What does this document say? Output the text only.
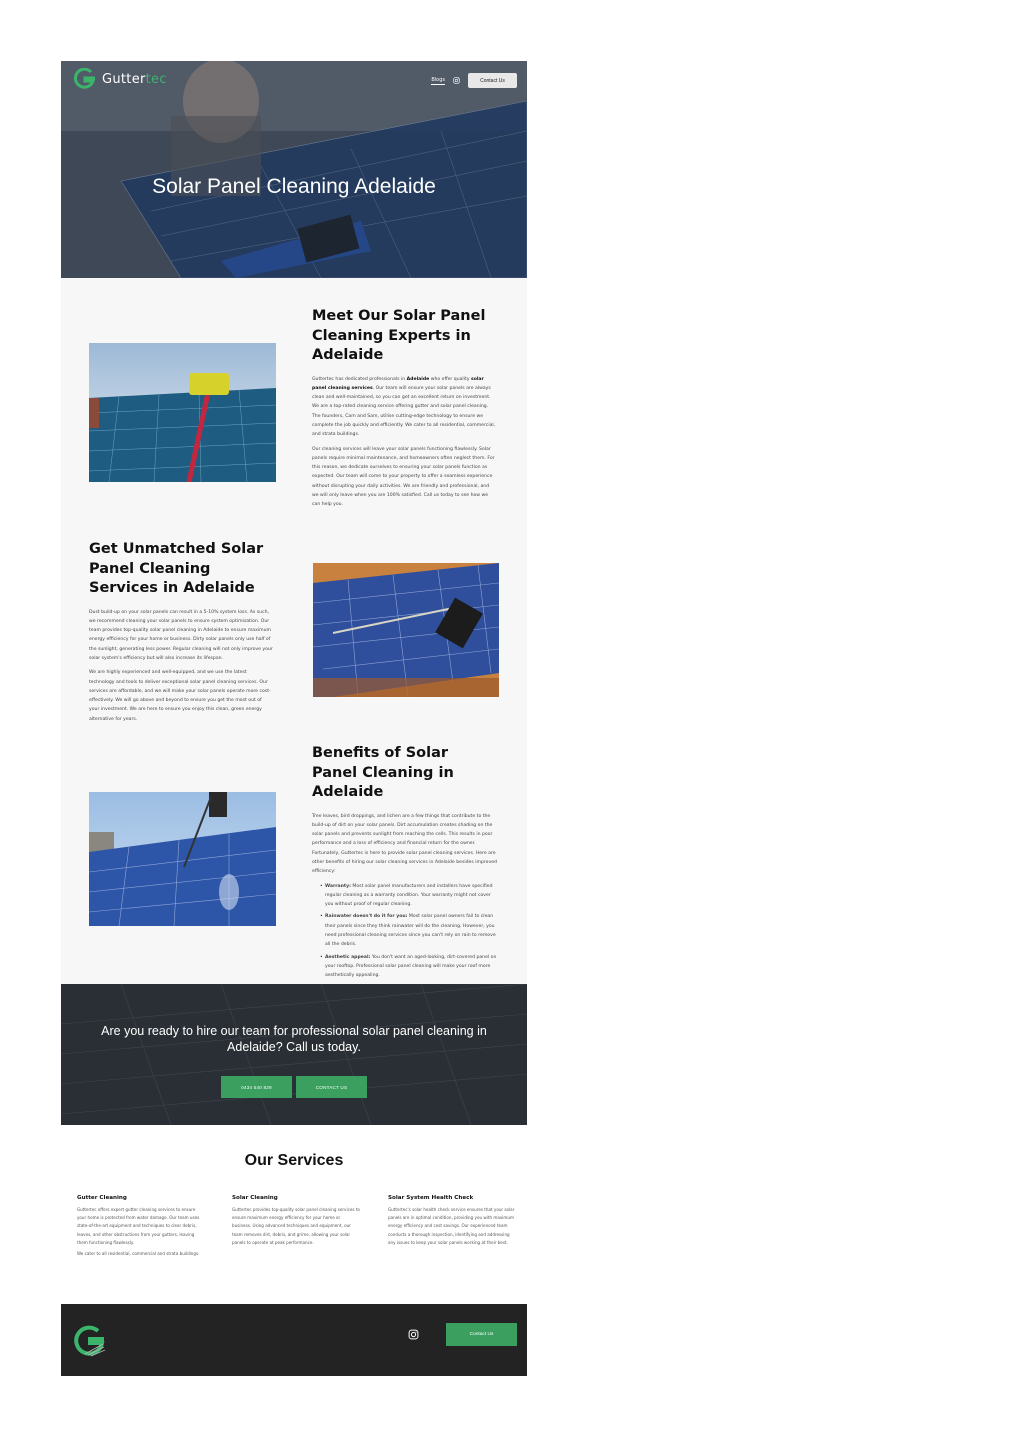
Guttertec	Blogs	Contact Us
Solar Panel Cleaning Adelaide
Meet Our Solar Panel Cleaning Experts in Adelaide

Guttertec has dedicated professionals in Adelaide who offer quality solar panel cleaning services. Our team will ensure your solar panels are always clean and well-maintained, so you can get an excellent return on investment. We are a top-rated cleaning service offering gutter and solar panel cleaning. The founders, Cam and Sam, utilise cutting-edge technology to ensure we complete the job quickly and efficiently. We cater to all residential, commercial, and strata buildings.

Our cleaning services will leave your solar panels functioning flawlessly. Solar panels require minimal maintenance, and homeowners often neglect them. For this reason, we dedicate ourselves to ensuring your solar panels function as expected. Our team will come to your property to offer a seamless experience without disrupting your daily activities. We are friendly and professional, and we will only leave when you are 100% satisfied. Call us today to see how we can help you.

Get Unmatched Solar Panel Cleaning Services in Adelaide

Dust build-up on your solar panels can result in a 5-10% system loss. As such, we recommend cleaning your solar panels to ensure system optimisation. Our team provides top-quality solar panel cleaning in Adelaide to ensure maximum energy efficiency for your home or business. Dirty solar panels only use half of the sunlight, generating less power. Regular cleaning will not only improve your solar system's efficiency but will also increase its lifespan.

We are highly experienced and well-equipped, and we use the latest technology and tools to deliver exceptional solar panel cleaning services. Our services are affordable, and we will make your solar panels operate more cost-effectively. We will go above and beyond to ensure you get the most out of your investment. We are here to ensure you enjoy this clean, green energy alternative for years.

Benefits of Solar Panel Cleaning in Adelaide

Tree leaves, bird droppings, and lichen are a few things that contribute to the build-up of dirt on your solar panels. Dirt accumulation creates shading on the solar panels and prevents sunlight from reaching the cells. This results in poor performance and a loss of efficiency and financial return for the owner. Fortunately, Guttertec is here to provide solar panel cleaning services. Here are other benefits of hiring our solar cleaning services in Adelaide besides improved efficiency:

• Warranty: Most solar panel manufacturers and installers have specified regular cleaning as a warranty condition. Your warranty might not cover you without proof of regular cleaning.
• Rainwater doesn't do it for you: Most solar panel owners fail to clean their panels since they think rainwater will do the cleaning. However, you need professional cleaning services since you can't rely on rain to remove all the debris.
• Aesthetic appeal: You don't want an aged-looking, dirt-covered panel on your rooftop. Professional solar panel cleaning will make your roof more aesthetically appealing.

Are you ready to hire our team for professional solar panel cleaning in Adelaide? Call us today.

0434 540 829	CONTACT US
Our Services
Gutter Cleaning

Guttertec offers expert gutter cleaning services to ensure your home is protected from water damage. Our team uses state-of-the-art equipment and techniques to clear debris, leaves, and other obstructions from your gutters, leaving them functioning flawlessly.

We cater to all residential, commercial and strata buildings.

Solar Cleaning

Guttertec provides top-quality solar panel cleaning services to ensure maximum energy efficiency for your home or business. Using advanced techniques and equipment, our team removes dirt, debris, and grime, allowing your solar panels to operate at peak performance.

Solar System Health Check

Guttertec's solar health check service ensures that your solar panels are in optimal condition, providing you with maximum energy efficiency and cost savings. Our experienced team conducts a thorough inspection, identifying and addressing any issues to keep your solar panels working at their best.

Contact Us
